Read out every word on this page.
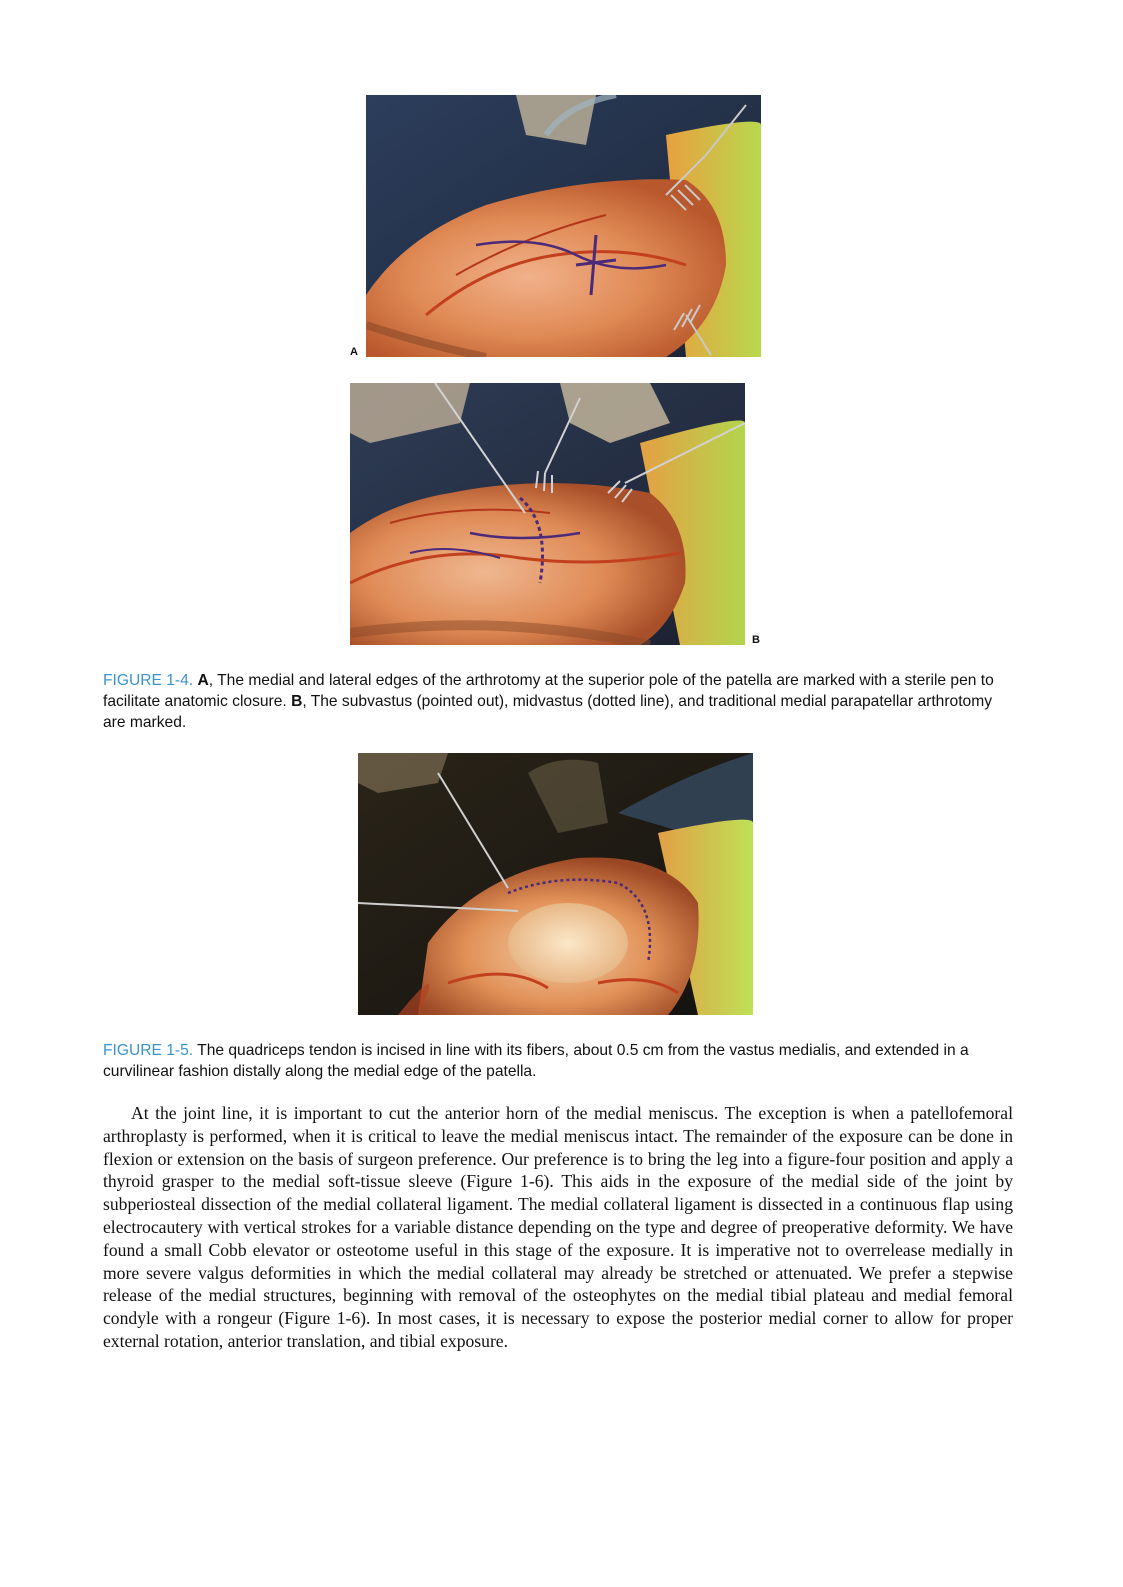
A
B
FIGURE 1-4. A, The medial and lateral edges of the arthrotomy at the superior pole of the patella are marked with a sterile pen to facilitate anatomic closure. B, The subvastus (pointed out), midvastus (dotted line), and traditional medial parapatellar arthrotomy are marked.
FIGURE 1-5. The quadriceps tendon is incised in line with its fibers, about 0.5 cm from the vastus medialis, and extended in a curvilinear fashion distally along the medial edge of the patella.

At the joint line, it is important to cut the anterior horn of the medial meniscus. The exception is when a patellofemoral arthroplasty is performed, when it is critical to leave the medial meniscus intact. The remainder of the exposure can be done in flexion or extension on the basis of surgeon preference. Our preference is to bring the leg into a figure-four position and apply a thyroid grasper to the medial soft-tissue sleeve (Figure 1-6). This aids in the exposure of the medial side of the joint by subperiosteal dissection of the medial collateral ligament. The medial collateral ligament is dissected in a continuous flap using electrocautery with vertical strokes for a variable distance depending on the type and degree of preoperative deformity. We have found a small Cobb elevator or osteotome useful in this stage of the exposure. It is imperative not to overrelease medially in more severe valgus deformities in which the medial collateral may already be stretched or attenuated. We prefer a stepwise release of the medial structures, beginning with removal of the osteophytes on the medial tibial plateau and medial femoral condyle with a rongeur (Figure 1-6). In most cases, it is necessary to expose the posterior medial corner to allow for proper external rotation, anterior translation, and tibial exposure.
